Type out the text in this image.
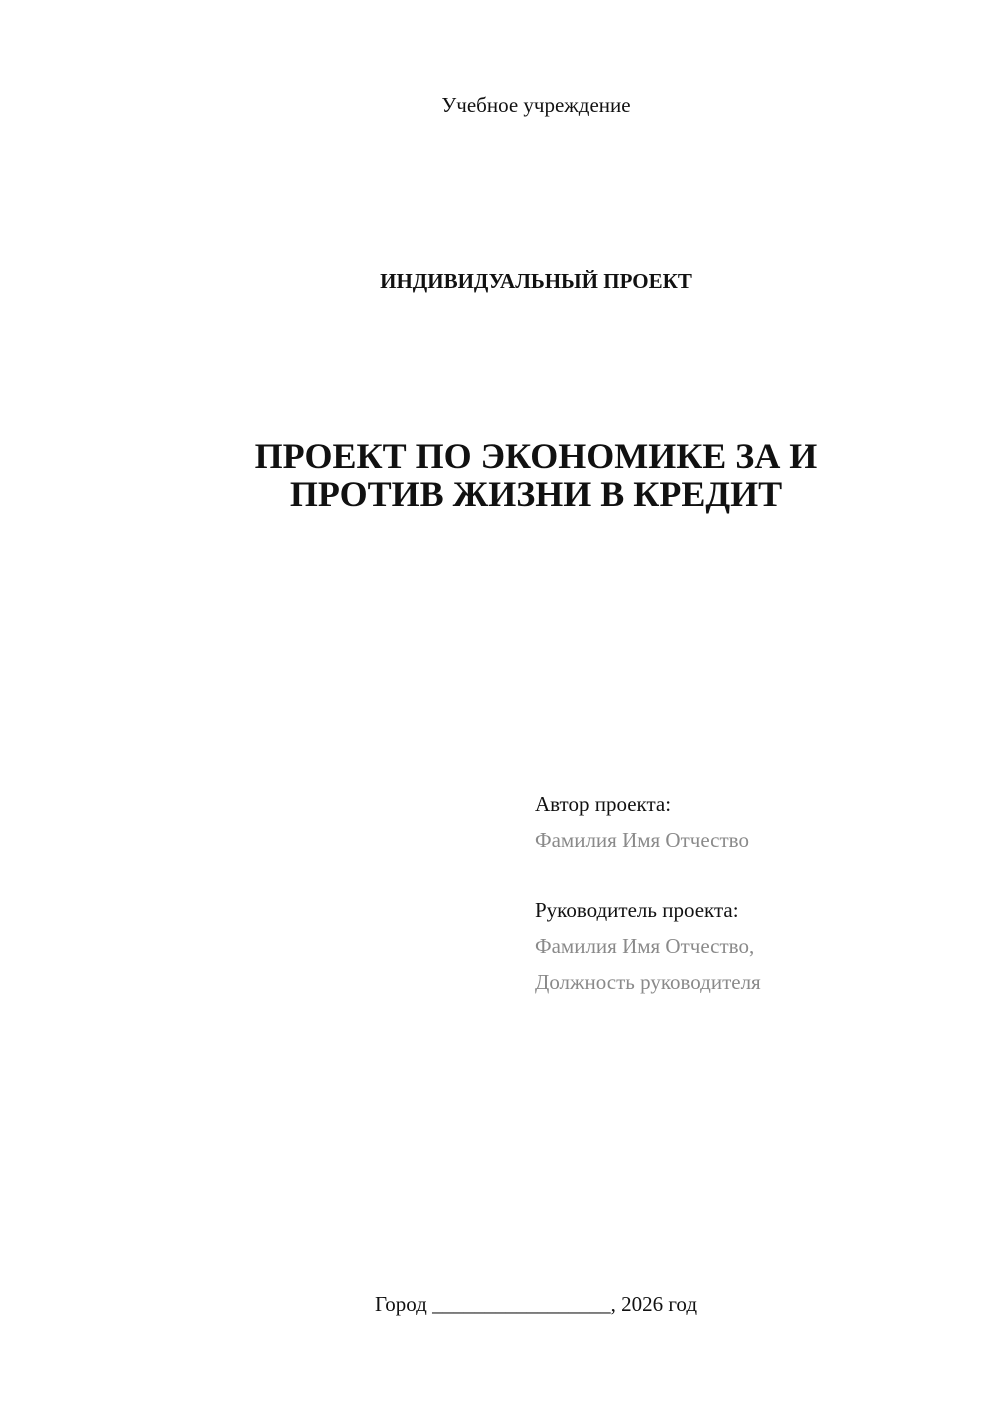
Учебное учреждение
ИНДИВИДУАЛЬНЫЙ ПРОЕКТ
ПРОЕКТ ПО ЭКОНОМИКЕ ЗА И
ПРОТИВ ЖИЗНИ В КРЕДИТ
Автор проекта:
Фамилия Имя Отчество
Руководитель проекта:
Фамилия Имя Отчество,
Должность руководителя
Город _________________, 2026 год
